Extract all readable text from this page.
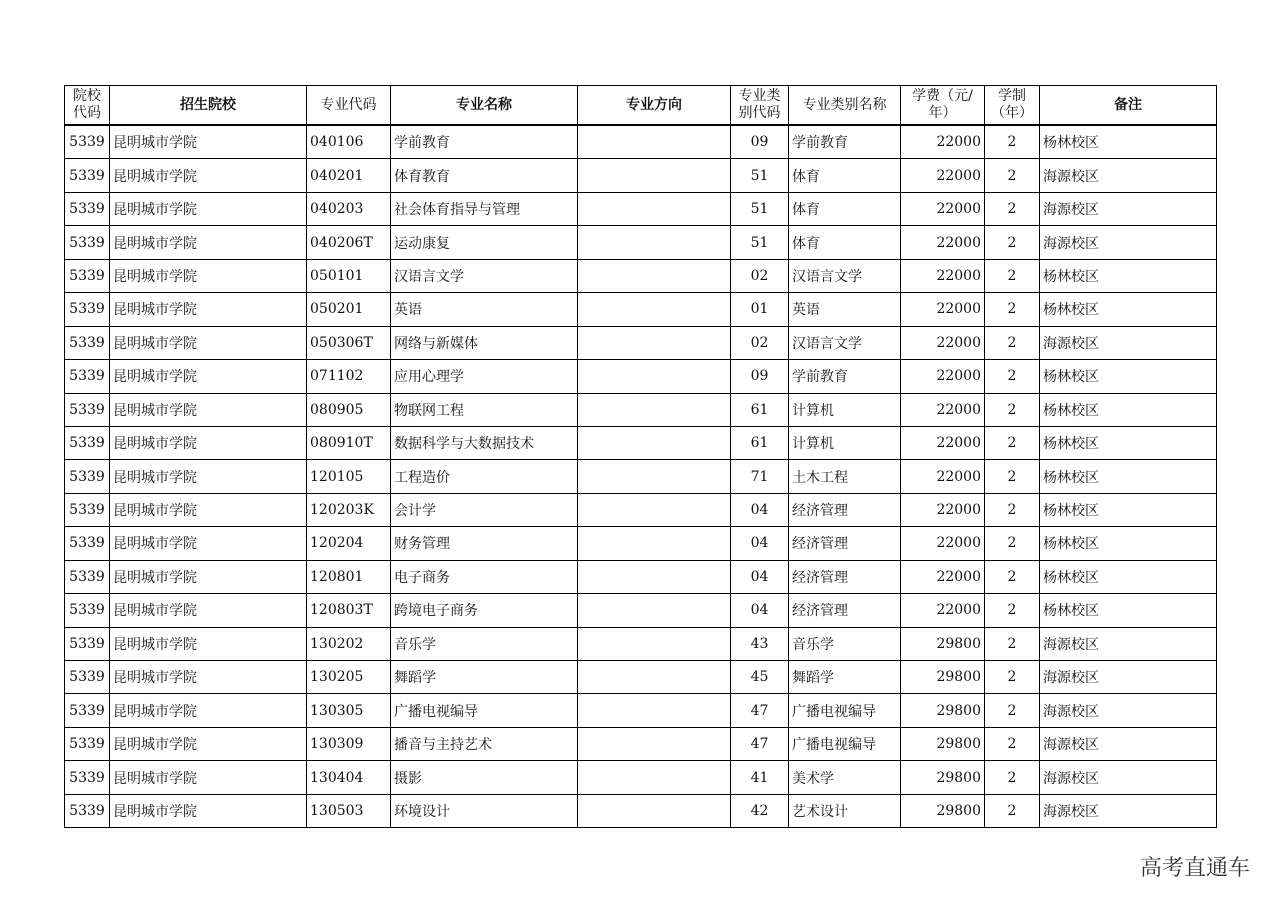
院校代码	招生院校	专业代码	专业名称	专业方向	专业类别代码	专业类别名称	学费（元/年）	学制（年）	备注
5339	昆明城市学院	040106	学前教育		09	学前教育	22000	2	杨林校区
5339	昆明城市学院	040201	体育教育		51	体育	22000	2	海源校区
5339	昆明城市学院	040203	社会体育指导与管理		51	体育	22000	2	海源校区
5339	昆明城市学院	040206T	运动康复		51	体育	22000	2	海源校区
5339	昆明城市学院	050101	汉语言文学		02	汉语言文学	22000	2	杨林校区
5339	昆明城市学院	050201	英语		01	英语	22000	2	杨林校区
5339	昆明城市学院	050306T	网络与新媒体		02	汉语言文学	22000	2	海源校区
5339	昆明城市学院	071102	应用心理学		09	学前教育	22000	2	杨林校区
5339	昆明城市学院	080905	物联网工程		61	计算机	22000	2	杨林校区
5339	昆明城市学院	080910T	数据科学与大数据技术		61	计算机	22000	2	杨林校区
5339	昆明城市学院	120105	工程造价		71	土木工程	22000	2	杨林校区
5339	昆明城市学院	120203K	会计学		04	经济管理	22000	2	杨林校区
5339	昆明城市学院	120204	财务管理		04	经济管理	22000	2	杨林校区
5339	昆明城市学院	120801	电子商务		04	经济管理	22000	2	杨林校区
5339	昆明城市学院	120803T	跨境电子商务		04	经济管理	22000	2	杨林校区
5339	昆明城市学院	130202	音乐学		43	音乐学	29800	2	海源校区
5339	昆明城市学院	130205	舞蹈学		45	舞蹈学	29800	2	海源校区
5339	昆明城市学院	130305	广播电视编导		47	广播电视编导	29800	2	海源校区
5339	昆明城市学院	130309	播音与主持艺术		47	广播电视编导	29800	2	海源校区
5339	昆明城市学院	130404	摄影		41	美术学	29800	2	海源校区
5339	昆明城市学院	130503	环境设计		42	艺术设计	29800	2	海源校区
高考直通车
